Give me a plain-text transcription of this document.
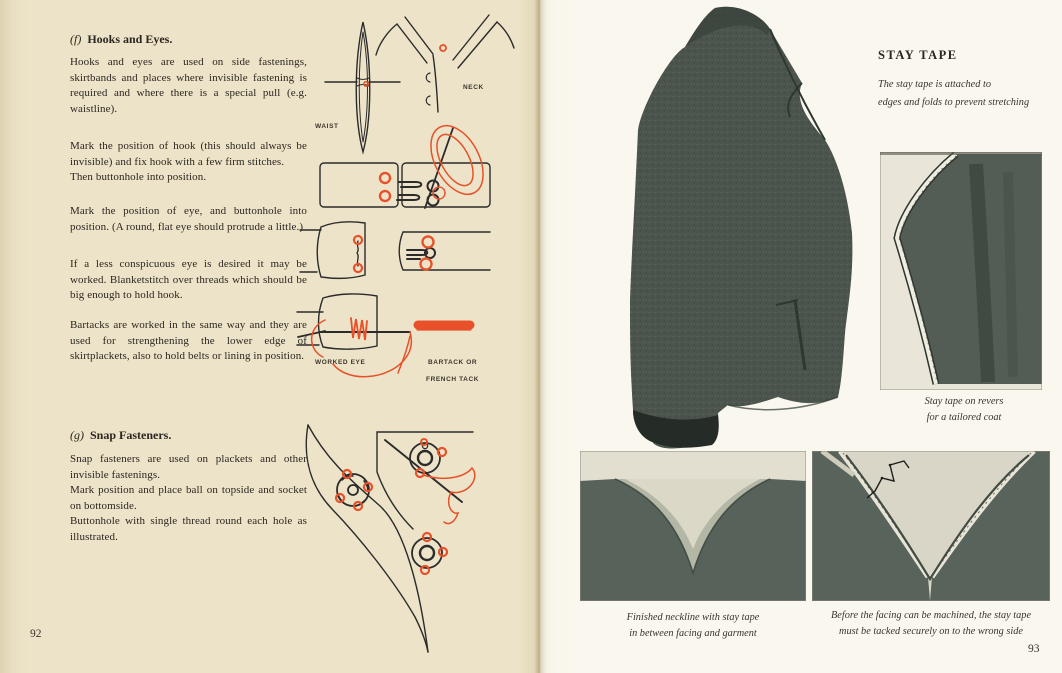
(f) Hooks and Eyes.
Hooks and eyes are used on side fastenings, skirtbands and places where invisible fastening is required and where there is a special pull (e.g. waistline).
Mark the position of hook (this should always be invisible) and fix hook with a few firm stitches.
Then buttonhole into position.
Mark the position of eye, and buttonhole into position. (A round, flat eye should protrude a little.)
If a less conspicuous eye is desired it may be worked. Blanketstitch over threads which should be big enough to hold hook.
Bartacks are worked in the same way and they are used for strengthening the lower edge of skirtplackets, also to hold belts or lining in position.
(g) Snap Fasteners.
Snap fasteners are used on plackets and other invisible fastenings.
Mark position and place ball on topside and socket on bottomside.
Buttonhole with single thread round each hole as illustrated.
92
WAIST
NECK
WORKED EYE	BARTACK OR
FRENCH TACK
STAY TAPE
The stay tape is attached to
edges and folds to prevent stretching
Stay tape on revers
for a tailored coat
Finished neckline with stay tape
in between facing and garment
Before the facing can be machined, the stay tape
must be tacked securely on to the wrong side
93
